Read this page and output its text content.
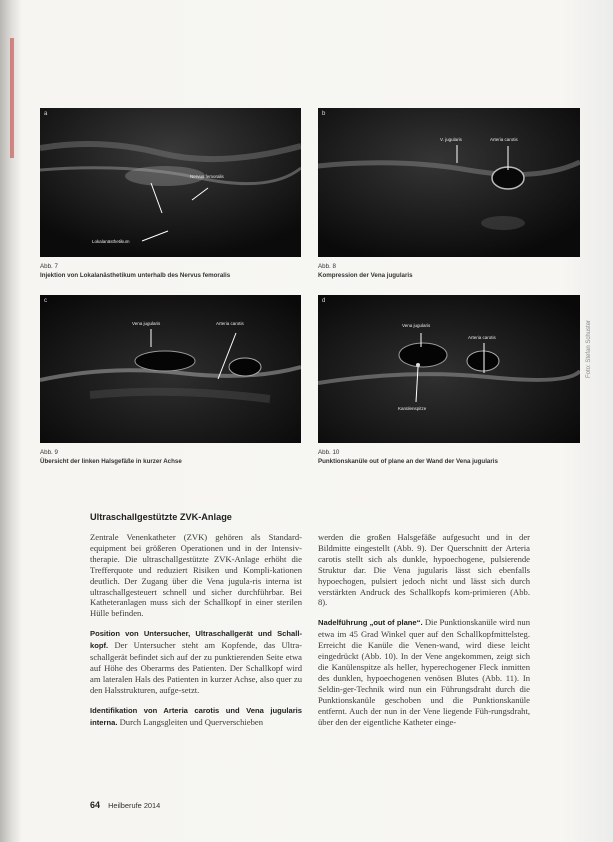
a
Nervus femoralis
Lokalanästhetikum
Abb. 7
Injektion von Lokalanästhetikum unterhalb des Nervus femoralis
b
V. jugularis	Arteria carotis
Abb. 8
Kompression der Vena jugularis
c
Vena jugularis	Arteria carotis
Abb. 9
Übersicht der linken Halsgefäße in kurzer Achse
d
Vena jugularis
Arteria carotis
Kanülenspitze
Abb. 10
Punktionskanüle out of plane an der Wand der Vena jugularis
Foto: Stefan Schuster
Ultraschallgestützte ZVK-Anlage

Zentrale Venenkatheter (ZVK) gehören als Standard-equipment bei größeren Operationen und in der Intensiv-therapie. Die ultraschallgestützte ZVK-Anlage erhöht die Trefferquote und reduziert Risiken und Kompli-kationen deutlich. Der Zugang über die Vena jugula-ris interna ist ultraschallgesteuert schnell und sicher durchführbar. Bei Katheteranlagen muss sich der Schallkopf in einer sterilen Hülle befinden.

Position von Untersucher, Ultraschallgerät und Schall-kopf. Der Untersucher steht am Kopfende, das Ultra-schallgerät befindet sich auf der zu punktierenden Seite etwa auf Höhe des Oberarms des Patienten. Der Schallkopf wird am lateralen Hals des Patienten in kurzer Achse, also quer zu den Halsstrukturen, aufge-setzt.

Identifikation von Arteria carotis und Vena jugularis interna. Durch Langsgleiten und Querverschieben

werden die großen Halsgefäße aufgesucht und in der Bildmitte eingestellt (Abb. 9). Der Querschnitt der Arteria carotis stellt sich als dunkle, hypoechogene, pulsierende Struktur dar. Die Vena jugularis lässt sich ebenfalls hypoechogen, pulsiert jedoch nicht und lässt sich durch verstärkten Andruck des Schallkopfs kom-primieren (Abb. 8).

Nadelführung „out of plane“. Die Punktionskanüle wird nun etwa im 45 Grad Winkel quer auf den Schallkopfmittelsteg. Erreicht die Kanüle die Venen-wand, wird diese leicht eingedrückt (Abb. 10). In der Vene angekommen, zeigt sich die Kanülenspitze als heller, hyperechogener Fleck inmitten des dunklen, hypoechogenen venösen Blutes (Abb. 11). In Seldin-ger-Technik wird nun ein Führungsdraht durch die Punktionskanüle geschoben und die Punktionskanüle entfernt. Auch der nun in der Vene liegende Füh-rungsdraht, über den der eigentliche Katheter einge-

64 Heilberufe 2014
